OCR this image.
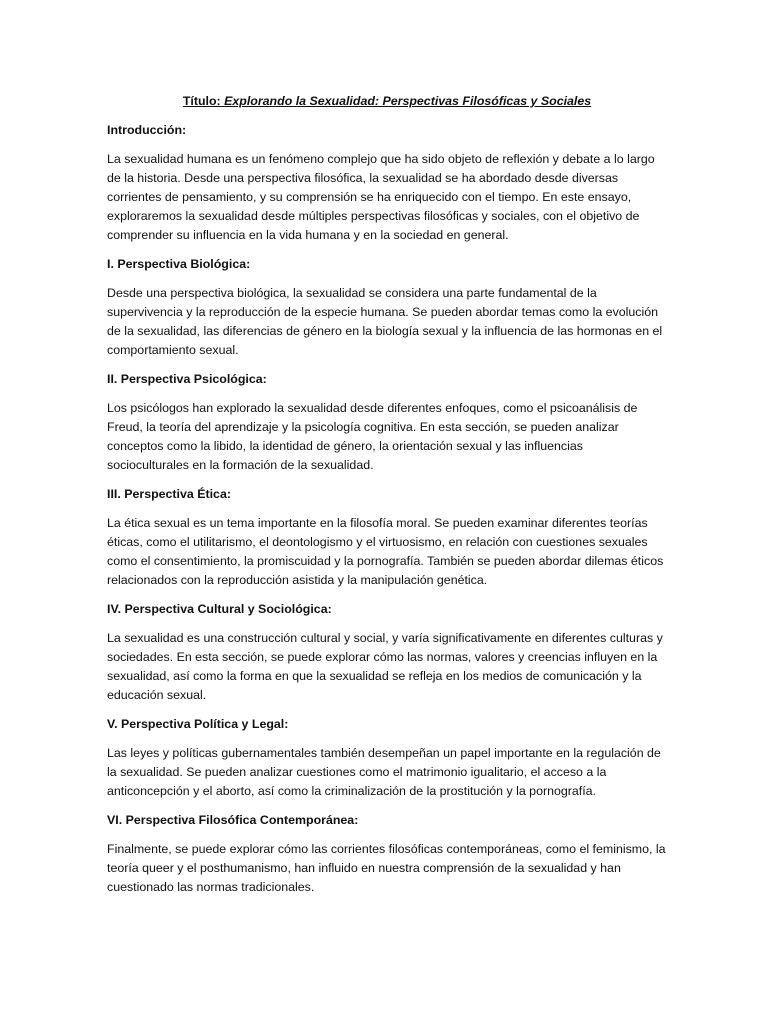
Título: Explorando la Sexualidad: Perspectivas Filosóficas y Sociales

Introducción:

La sexualidad humana es un fenómeno complejo que ha sido objeto de reflexión y debate a lo largo de la historia. Desde una perspectiva filosófica, la sexualidad se ha abordado desde diversas corrientes de pensamiento, y su comprensión se ha enriquecido con el tiempo. En este ensayo, exploraremos la sexualidad desde múltiples perspectivas filosóficas y sociales, con el objetivo de comprender su influencia en la vida humana y en la sociedad en general.

I. Perspectiva Biológica:

Desde una perspectiva biológica, la sexualidad se considera una parte fundamental de la supervivencia y la reproducción de la especie humana. Se pueden abordar temas como la evolución de la sexualidad, las diferencias de género en la biología sexual y la influencia de las hormonas en el comportamiento sexual.

II. Perspectiva Psicológica:

Los psicólogos han explorado la sexualidad desde diferentes enfoques, como el psicoanálisis de Freud, la teoría del aprendizaje y la psicología cognitiva. En esta sección, se pueden analizar conceptos como la libido, la identidad de género, la orientación sexual y las influencias socioculturales en la formación de la sexualidad.

III. Perspectiva Ética:

La ética sexual es un tema importante en la filosofía moral. Se pueden examinar diferentes teorías éticas, como el utilitarismo, el deontologismo y el virtuosismo, en relación con cuestiones sexuales como el consentimiento, la promiscuidad y la pornografía. También se pueden abordar dilemas éticos relacionados con la reproducción asistida y la manipulación genética.

IV. Perspectiva Cultural y Sociológica:

La sexualidad es una construcción cultural y social, y varía significativamente en diferentes culturas y sociedades. En esta sección, se puede explorar cómo las normas, valores y creencias influyen en la sexualidad, así como la forma en que la sexualidad se refleja en los medios de comunicación y la educación sexual.

V. Perspectiva Política y Legal:

Las leyes y políticas gubernamentales también desempeñan un papel importante en la regulación de la sexualidad. Se pueden analizar cuestiones como el matrimonio igualitario, el acceso a la anticoncepción y el aborto, así como la criminalización de la prostitución y la pornografía.

VI. Perspectiva Filosófica Contemporánea:

Finalmente, se puede explorar cómo las corrientes filosóficas contemporáneas, como el feminismo, la teoría queer y el posthumanismo, han influido en nuestra comprensión de la sexualidad y han cuestionado las normas tradicionales.
